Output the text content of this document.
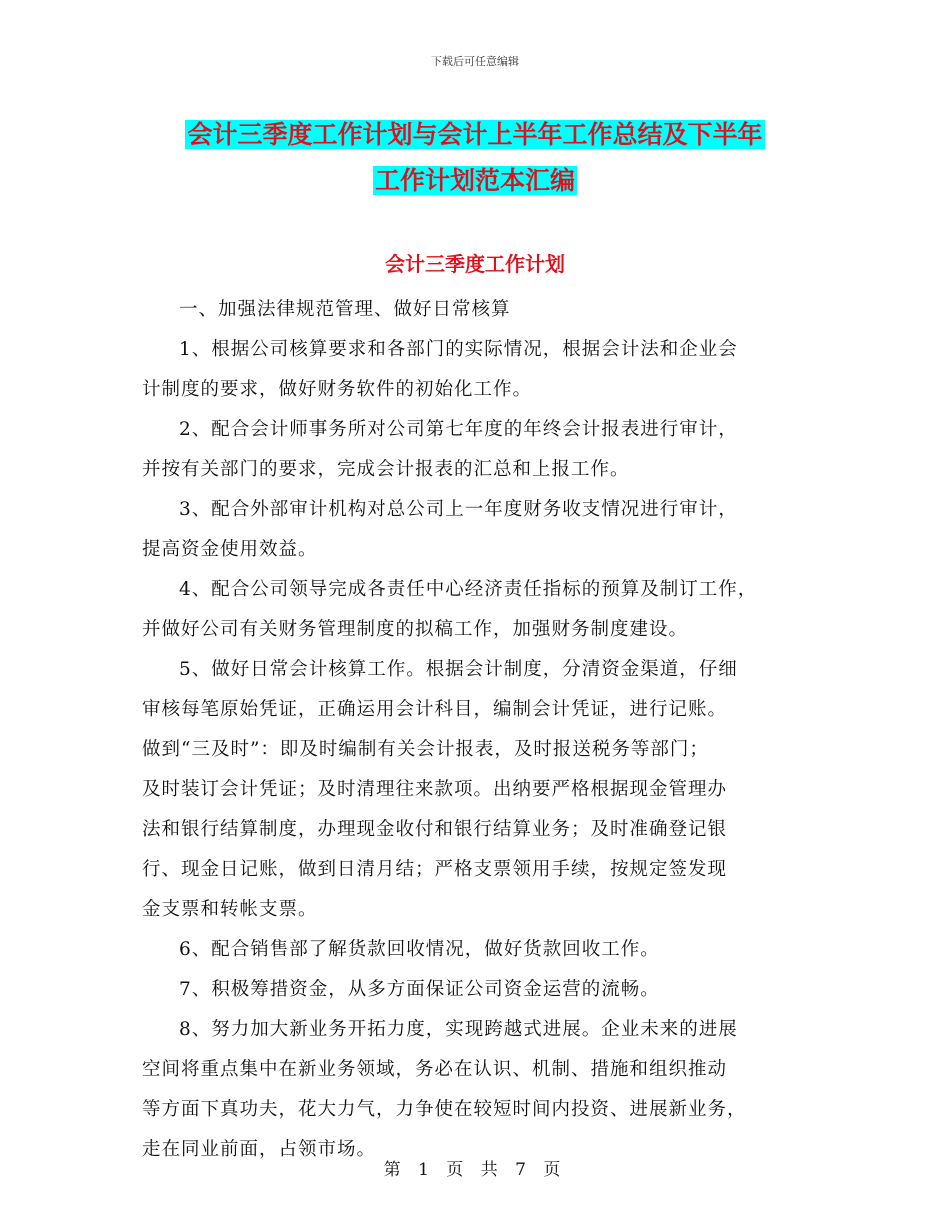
下载后可任意编辑
会计三季度工作计划与会计上半年工作总结及下半年
工作计划范本汇编
会计三季度工作计划

一、加强法律规范管理、做好日常核算

1、根据公司核算要求和各部门的实际情况，根据会计法和企业会
计制度的要求，做好财务软件的初始化工作。

2、配合会计师事务所对公司第七年度的年终会计报表进行审计，
并按有关部门的要求，完成会计报表的汇总和上报工作。

3、配合外部审计机构对总公司上一年度财务收支情况进行审计，
提高资金使用效益。

4、配合公司领导完成各责任中心经济责任指标的预算及制订工作，
并做好公司有关财务管理制度的拟稿工作，加强财务制度建设。

5、做好日常会计核算工作。根据会计制度，分清资金渠道，仔细
审核每笔原始凭证，正确运用会计科目，编制会计凭证，进行记账。
做到“三及时”：即及时编制有关会计报表，及时报送税务等部门；
及时装订会计凭证；及时清理往来款项。出纳要严格根据现金管理办
法和银行结算制度，办理现金收付和银行结算业务；及时准确登记银
行、现金日记账，做到日清月结；严格支票领用手续，按规定签发现
金支票和转帐支票。

6、配合销售部了解货款回收情况，做好货款回收工作。

7、积极筹措资金，从多方面保证公司资金运营的流畅。

8、努力加大新业务开拓力度，实现跨越式进展。企业未来的进展
空间将重点集中在新业务领域，务必在认识、机制、措施和组织推动
等方面下真功夫，花大力气，力争使在较短时间内投资、进展新业务，
走在同业前面，占领市场。

第 1 页 共 7 页
